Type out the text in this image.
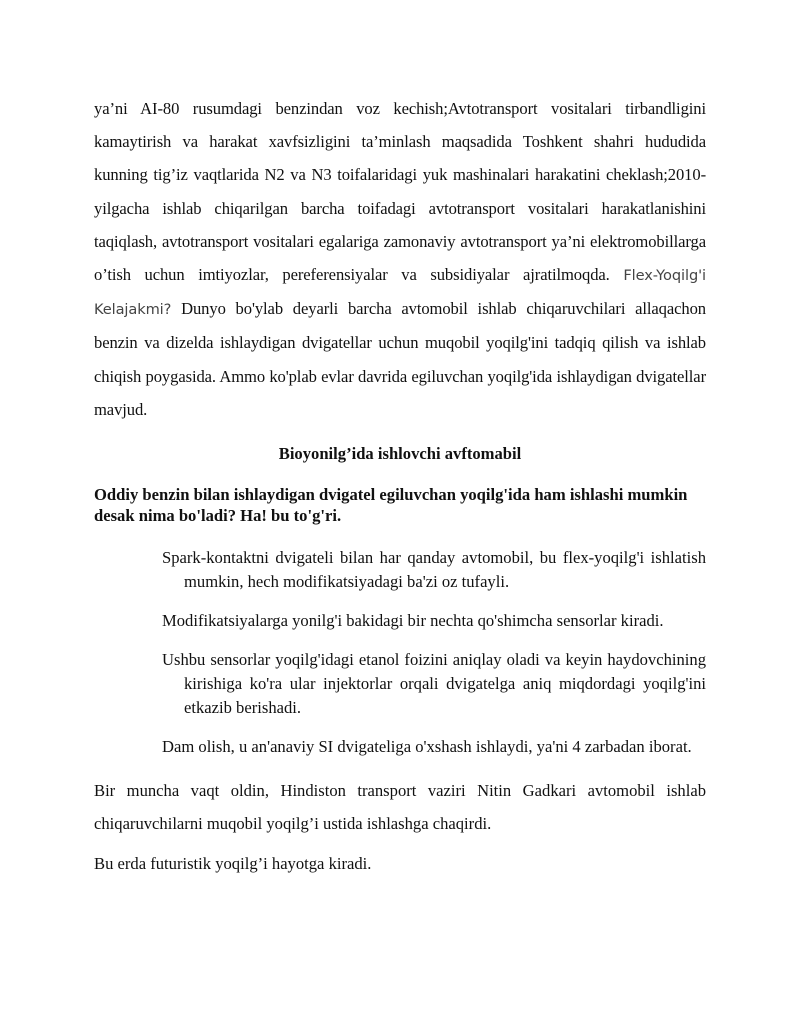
ya’ni AI-80 rusumdagi benzindan voz kechish;Avtotransport vositalari tirbandligini kamaytirish va harakat xavfsizligini ta’minlash maqsadida Toshkent shahri hududida kunning tig’iz vaqtlarida N2 va N3 toifalaridagi yuk mashinalari harakatini cheklash;2010-yilgacha ishlab chiqarilgan barcha toifadagi avtotransport vositalari harakatlanishini taqiqlash, avtotransport vositalari egalariga zamonaviy avtotransport ya’ni elektromobillarga o’tish uchun imtiyozlar, pereferensiyalar va subsidiyalar ajratilmoqda. Flex-Yoqilg'i Kelajakmi? Dunyo bo'ylab deyarli barcha avtomobil ishlab chiqaruvchilari allaqachon benzin va dizelda ishlaydigan dvigatellar uchun muqobil yoqilg'ini tadqiq qilish va ishlab chiqish poygasida. Ammo ko'plab evlar davrida egiluvchan yoqilg'ida ishlaydigan dvigatellar mavjud.

Bioyonilg’ida ishlovchi avftomabil

Oddiy benzin bilan ishlaydigan dvigatel egiluvchan yoqilg'ida ham ishlashi mumkin desak nima bo'ladi? Ha! bu to'g'ri.

Spark-kontaktni dvigateli bilan har qanday avtomobil, bu flex-yoqilg'i ishlatish mumkin, hech modifikatsiyadagi ba'zi oz tufayli.
Modifikatsiyalarga yonilg'i bakidagi bir nechta qo'shimcha sensorlar kiradi.
Ushbu sensorlar yoqilg'idagi etanol foizini aniqlay oladi va keyin haydovchining kirishiga ko'ra ular injektorlar orqali dvigatelga aniq miqdordagi yoqilg'ini etkazib berishadi.
Dam olish, u an'anaviy SI dvigateliga o'xshash ishlaydi, ya'ni 4 zarbadan iborat.

Bir muncha vaqt oldin, Hindiston transport vaziri Nitin Gadkari avtomobil ishlab chiqaruvchilarni muqobil yoqilg’i ustida ishlashga chaqirdi.

Bu erda futuristik yoqilg’i hayotga kiradi.
